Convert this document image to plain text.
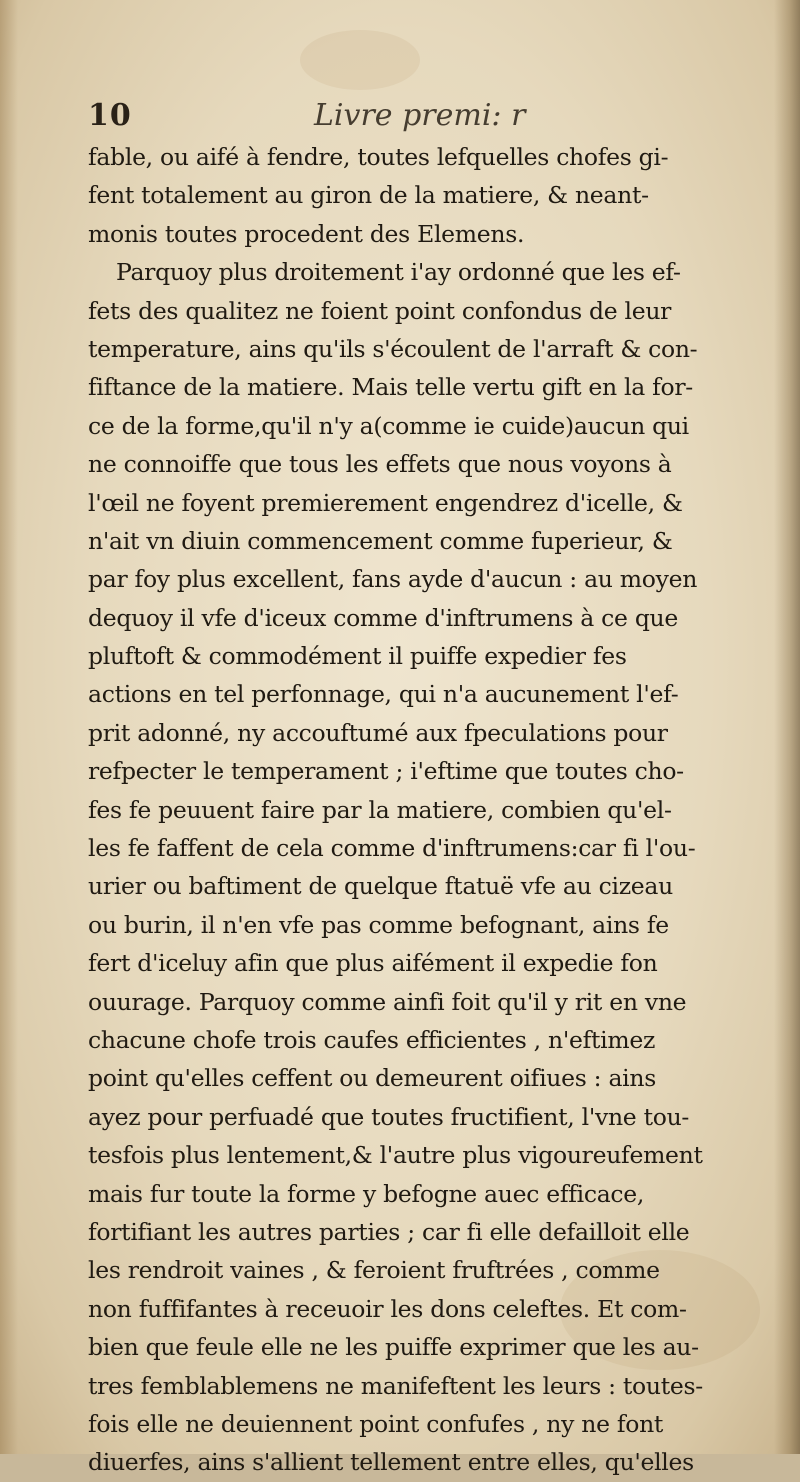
10	Livre premi: r
fable, ou aifé à fendre, toutes lefquelles chofes gi-
fent totalement au giron de la matiere, & neant-
monis toutes procedent des Elemens.
Parquoy plus droitement i'ay ordonné que les ef-
fets des qualitez ne foient point confondus de leur
temperature, ains qu'ils s'écoulent de l'arraft & con-
fiftance de la matiere. Mais telle vertu gift en la for-
ce de la forme,qu'il n'y a(comme ie cuide)aucun qui
ne connoiffe que tous les effets que nous voyons à
l'œil ne foyent premierement engendrez d'icelle, &
n'ait vn diuin commencement comme fuperieur, &
par foy plus excellent, fans ayde d'aucun : au moyen
dequoy il vfe d'iceux comme d'inftrumens à ce que
pluftoft & commodément il puiffe expedier fes
actions en tel perfonnage, qui n'a aucunement l'ef-
prit adonné, ny accouftumé aux fpeculations pour
refpecter le temperament ; i'eftime que toutes cho-
fes fe peuuent faire par la matiere, combien qu'el-
les fe faffent de cela comme d'inftrumens:car fi l'ou-
urier ou baftiment de quelque ftatuë vfe au cizeau
ou burin, il n'en vfe pas comme befognant, ains fe
fert d'iceluy afin que plus aifément il expedie fon
ouurage. Parquoy comme ainfi foit qu'il y rit en vne
chacune chofe trois caufes efficientes , n'eftimez
point qu'elles ceffent ou demeurent oifiues : ains
ayez pour perfuadé que toutes fructifient, l'vne tou-
tesfois plus lentement,& l'autre plus vigoureufement
mais fur toute la forme y befogne auec efficace,
fortifiant les autres parties ; car fi elle defailloit elle
les rendroit vaines , & feroient fruftrées , comme
non fuffifantes à receuoir les dons celeftes. Et com-
bien que feule elle ne les puiffe exprimer que les au-
tres femblablemens ne manifeftent les leurs : toutes-
fois elle ne deuiennent point confufes , ny ne font
diuerfes, ains s'allient tellement entre elles, qu'elles
